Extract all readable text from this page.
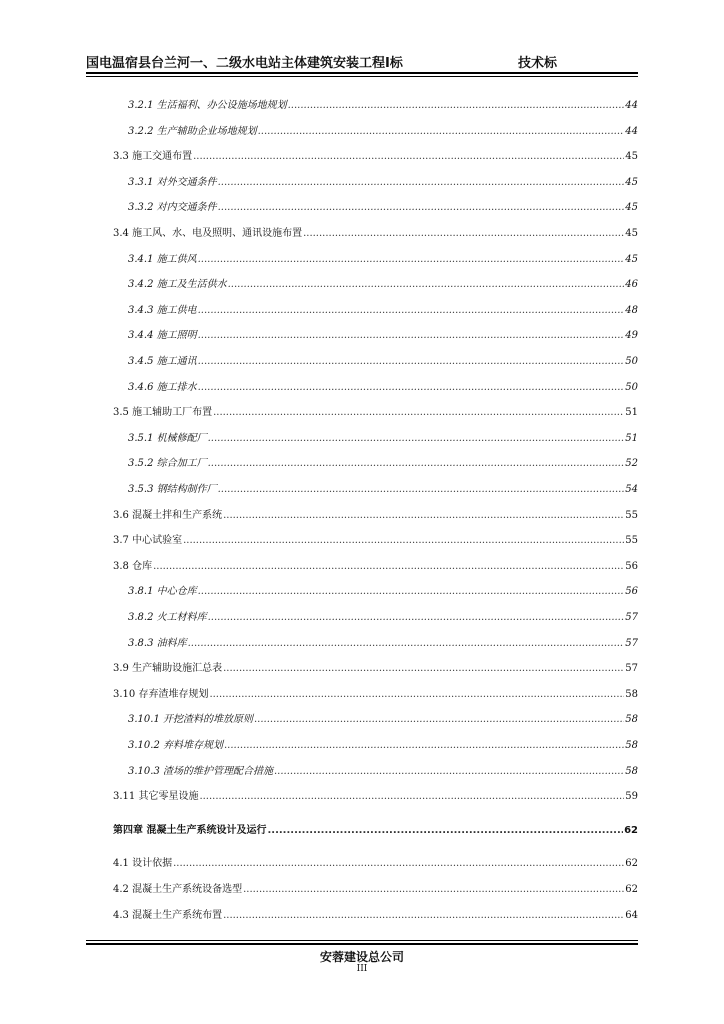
国电温宿县台兰河一、二级水电站主体建筑安装工程Ⅰ标	技术标
3.2.1 生活福利、办公设施场地规划 .....	44
3.2.2 生产辅助企业场地规划 .....	44
3.3 施工交通布置 .....	45
3.3.1 对外交通条件 .....	45
3.3.2 对内交通条件 .....	45
3.4 施工风、水、电及照明、通讯设施布置 .....	45
3.4.1 施工供风 .....	45
3.4.2 施工及生活供水 .....	46
3.4.3 施工供电 .....	48
3.4.4 施工照明 .....	49
3.4.5 施工通讯 .....	50
3.4.6 施工排水 .....	50
3.5 施工辅助工厂布置 .....	51
3.5.1 机械修配厂 .....	51
3.5.2 综合加工厂 .....	52
3.5.3 钢结构制作厂 .....	54
3.6 混凝土拌和生产系统 .....	55
3.7 中心试验室 .....	55
3.8 仓库 .....	56
3.8.1 中心仓库 .....	56
3.8.2 火工材料库 .....	57
3.8.3 油料库 .....	57
3.9 生产辅助设施汇总表 .....	57
3.10 存弃渣堆存规划 .....	58
3.10.1 开挖渣料的堆放原则 .....	58
3.10.2 弃料堆存规划 .....	58
3.10.3 渣场的维护管理配合措施 .....	58
3.11 其它零星设施 .....	59
第四章 混凝土生产系统设计及运行 .....	62
4.1 设计依据 .....	62
4.2 混凝土生产系统设备选型 .....	62
4.3 混凝土生产系统布置 .....	64
安蓉建设总公司
III
